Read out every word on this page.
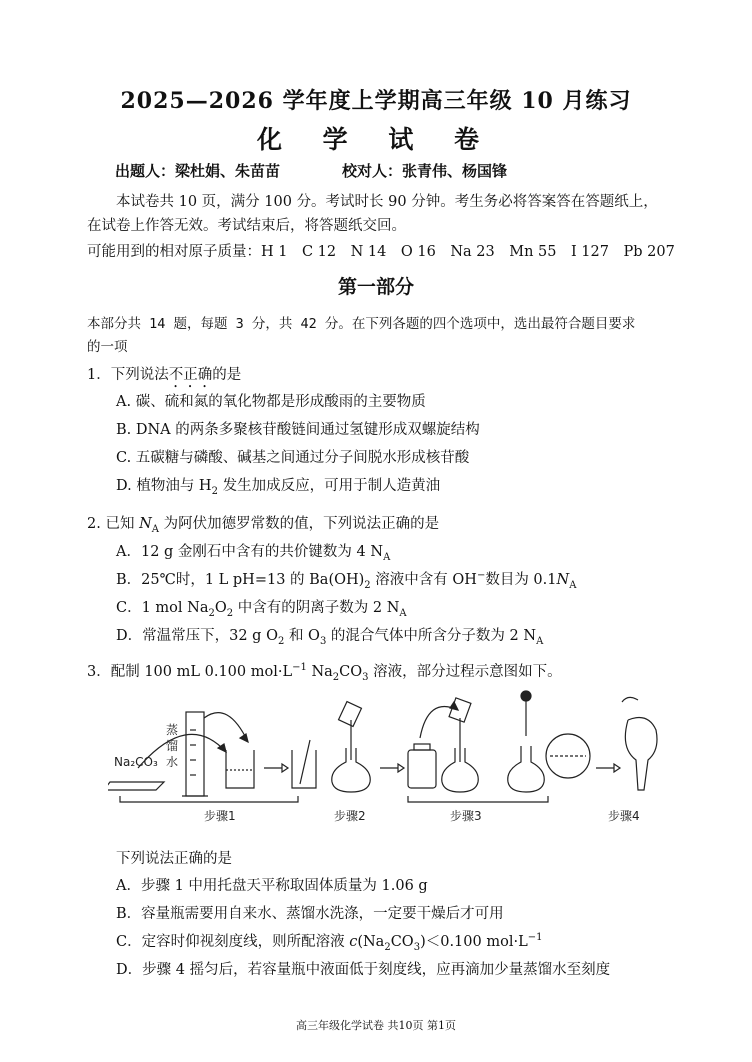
2025—2026 学年度上学期高三年级 10 月练习
化 学 试 卷
出题人：梁杜娟、朱苗苗	校对人：张青伟、杨国锋
本试卷共 10 页，满分 100 分。考试时长 90 分钟。考生务必将答案答在答题纸上，
在试卷上作答无效。考试结束后，将答题纸交回。
可能用到的相对原子质量：H 1　C 12　N 14　O 16　Na 23　Mn 55　I 127　Pb 207
第一部分
本部分共 14 题，每题 3 分，共 42 分。在下列各题的四个选项中，选出最符合题目要求
的一项
1．下列说法不正确的是
A. 碳、硫和氮的氧化物都是形成酸雨的主要物质
B. DNA 的两条多聚核苷酸链间通过氢键形成双螺旋结构
C. 五碳糖与磷酸、碱基之间通过分子间脱水形成核苷酸
D. 植物油与 $H_2$ 发生加成反应，可用于制人造黄油
2. 已知 $N_A$ 为阿伏加德罗常数的值，下列说法正确的是
A．12 g 金刚石中含有的共价键数为 4 $N_A$
B．25℃时，1 L pH=13 的 $Ba(OH)_2$ 溶液中含有 OH−数目为 $0.1N_A$
C．1 mol $Na_2O_2$ 中含有的阴离子数为 2 $N_A$
D．常温常压下，32 g $O_2$ 和 $O_3$ 的混合气体中所含分子数为 2 $N_A$
3．配制 100 mL 0.100 $mol\cdot L^{-1}$ $Na_2CO_3$ 溶液，部分过程示意图如下。
Na₂CO₃
蒸
馏
水
步骤1	步骤2	步骤3	步骤4
下列说法正确的是
A．步骤 1 中用托盘天平称取固体质量为 1.06 g
B．容量瓶需要用自来水、蒸馏水洗涤，一定要干燥后才可用
C．定容时仰视刻度线，则所配溶液 $c(Na_2CO_3)<0.100$ $mol\cdot L^{-1}$
D．步骤 4 摇匀后，若容量瓶中液面低于刻度线，应再滴加少量蒸馏水至刻度
高三年级化学试卷 共10页 第1页
